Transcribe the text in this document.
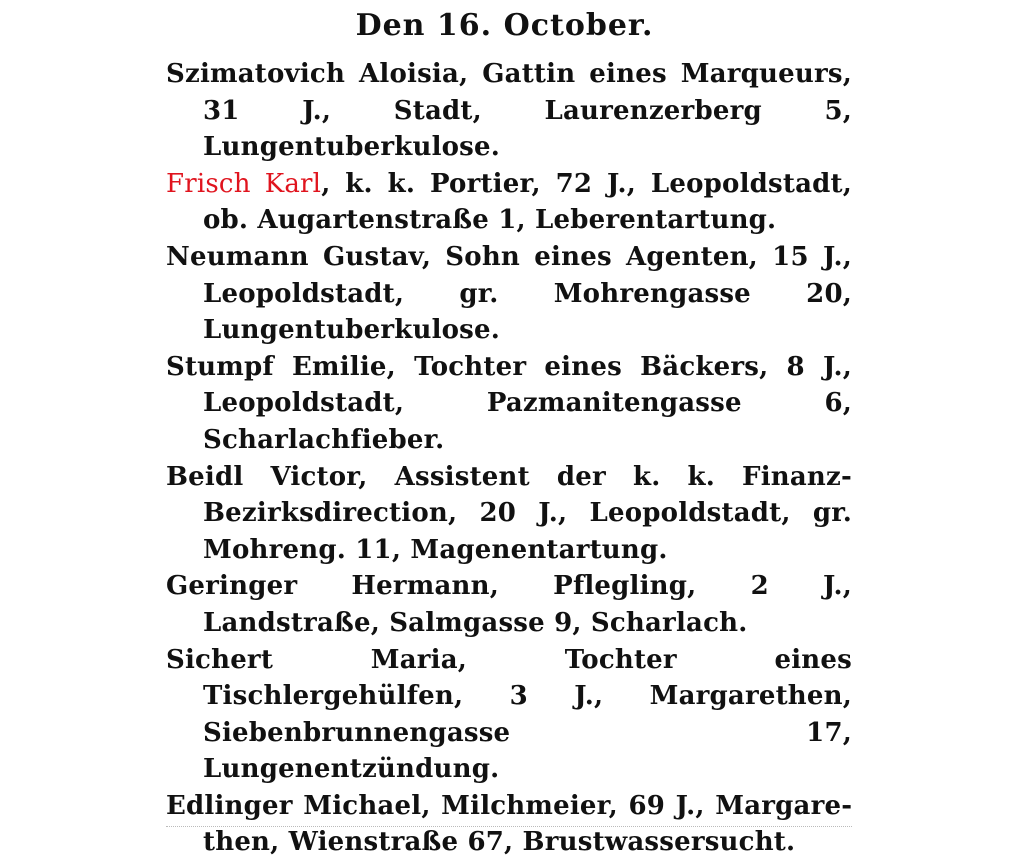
Den 16. October.
Szimatovich Aloisia, Gattin eines Marqueurs, 31 J., Stadt, Laurenzerberg 5, Lungentuberkulose.
Frisch Karl, k. k. Portier, 72 J., Leopoldstadt, ob. Augartenstraße 1, Leberentartung.
Neumann Gustav, Sohn eines Agenten, 15 J., Leopoldstadt, gr. Mohrengasse 20, Lungentuberkulose.
Stumpf Emilie, Tochter eines Bäckers, 8 J., Leopoldstadt, Pazmanitengasse 6, Scharlachfieber.
Beidl Victor, Assistent der k. k. Finanz-Bezirksdirection, 20 J., Leopoldstadt, gr. Mohreng. 11, Magenentartung.
Geringer Hermann, Pflegling, 2 J., Landstraße, Salmgasse 9, Scharlach.
Sichert Maria, Tochter eines Tischlergehülfen, 3 J., Margarethen, Siebenbrunnengasse 17, Lungenentzündung.
Edlinger Michael, Milchmeier, 69 J., Margarethen, Wienstraße 67, Brustwassersucht.
